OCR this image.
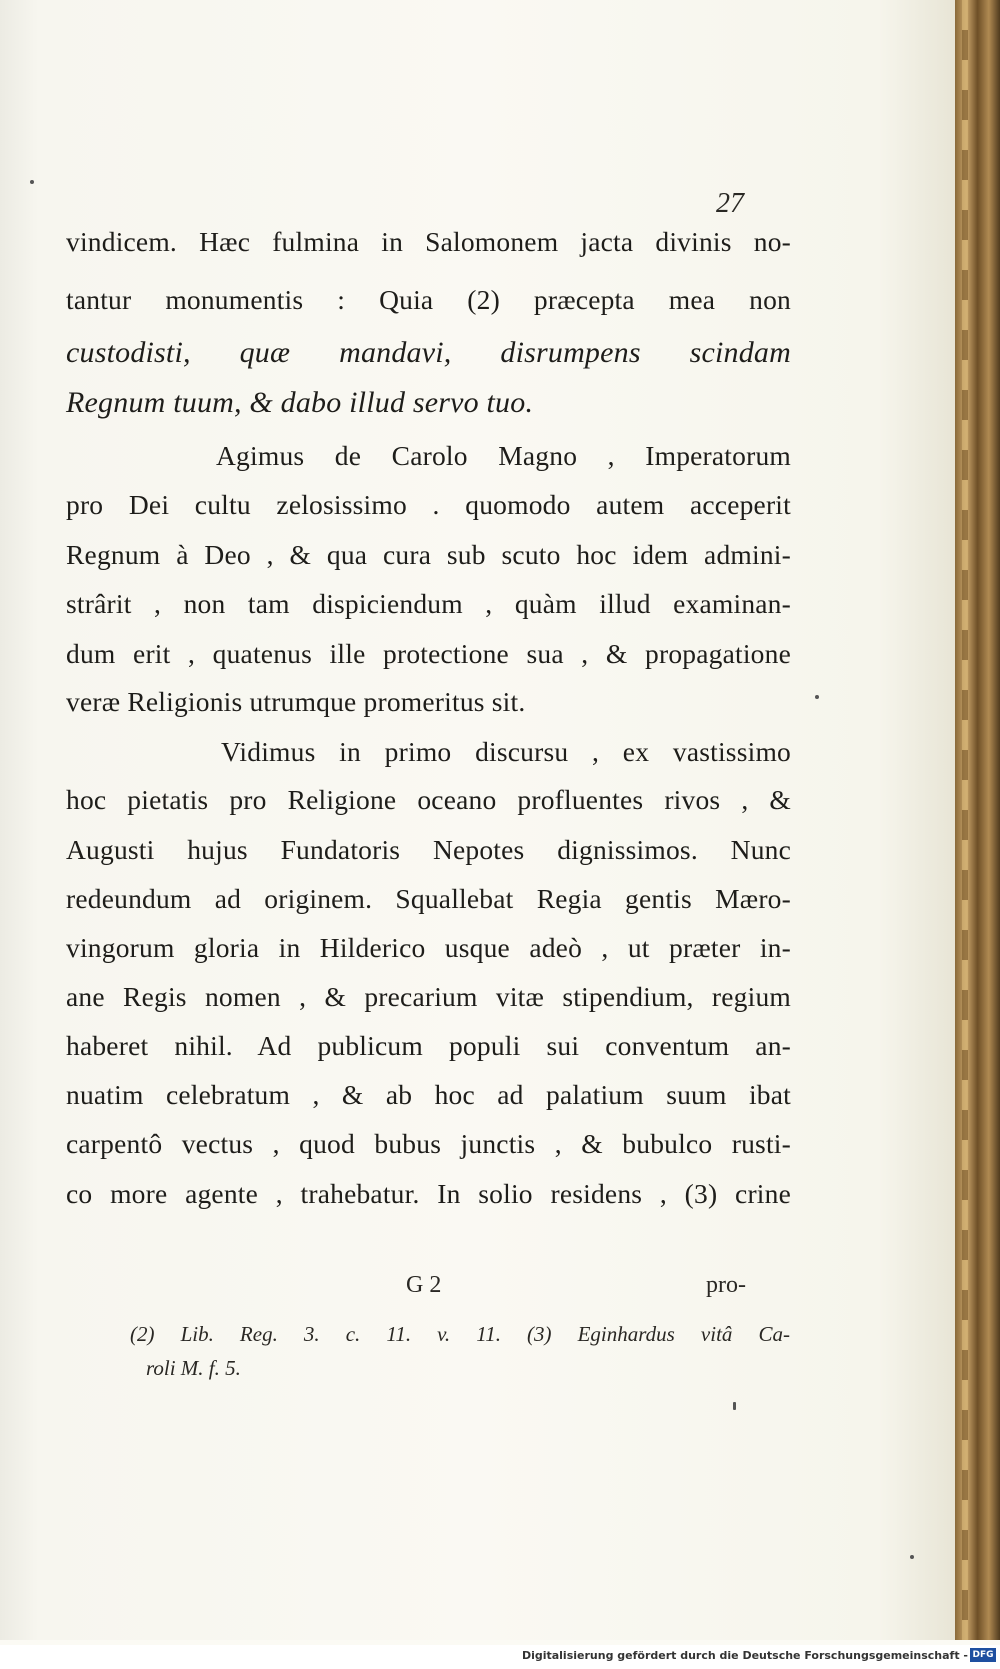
27
vindicem. Hæc fulmina in Salomonem jacta divinis no-
tantur monumentis : Quia (2) præcepta mea non
custodisti, quæ mandavi, disrumpens scindam
Regnum tuum, & dabo illud servo tuo.
Agimus de Carolo Magno , Imperatorum
pro Dei cultu zelosissimo . quomodo autem acceperit
Regnum à Deo , & qua cura sub scuto hoc idem admini-
strârit , non tam dispiciendum , quàm illud examinan-
dum erit , quatenus ille protectione sua , & propagatione
veræ Religionis utrumque promeritus sit.
Vidimus in primo discursu , ex vastissimo
hoc pietatis pro Religione oceano profluentes rivos , &
Augusti hujus Fundatoris Nepotes dignissimos. Nunc
redeundum ad originem. Squallebat Regia gentis Mæro-
vingorum gloria in Hilderico usque adeò , ut præter in-
ane Regis nomen , & precarium vitæ stipendium, regium
haberet nihil. Ad publicum populi sui conventum an-
nuatim celebratum , & ab hoc ad palatium suum ibat
carpentô vectus , quod bubus junctis , & bubulco rusti-
co more agente , trahebatur. In solio residens , (3) crine
G 2	pro-
(2) Lib. Reg. 3. c. 11. v. 11. (3) Eginhardus vitâ Ca-
roli M. f. 5.
Digitalisierung gefördert durch die Deutsche Forschungsgemeinschaft - DFG
